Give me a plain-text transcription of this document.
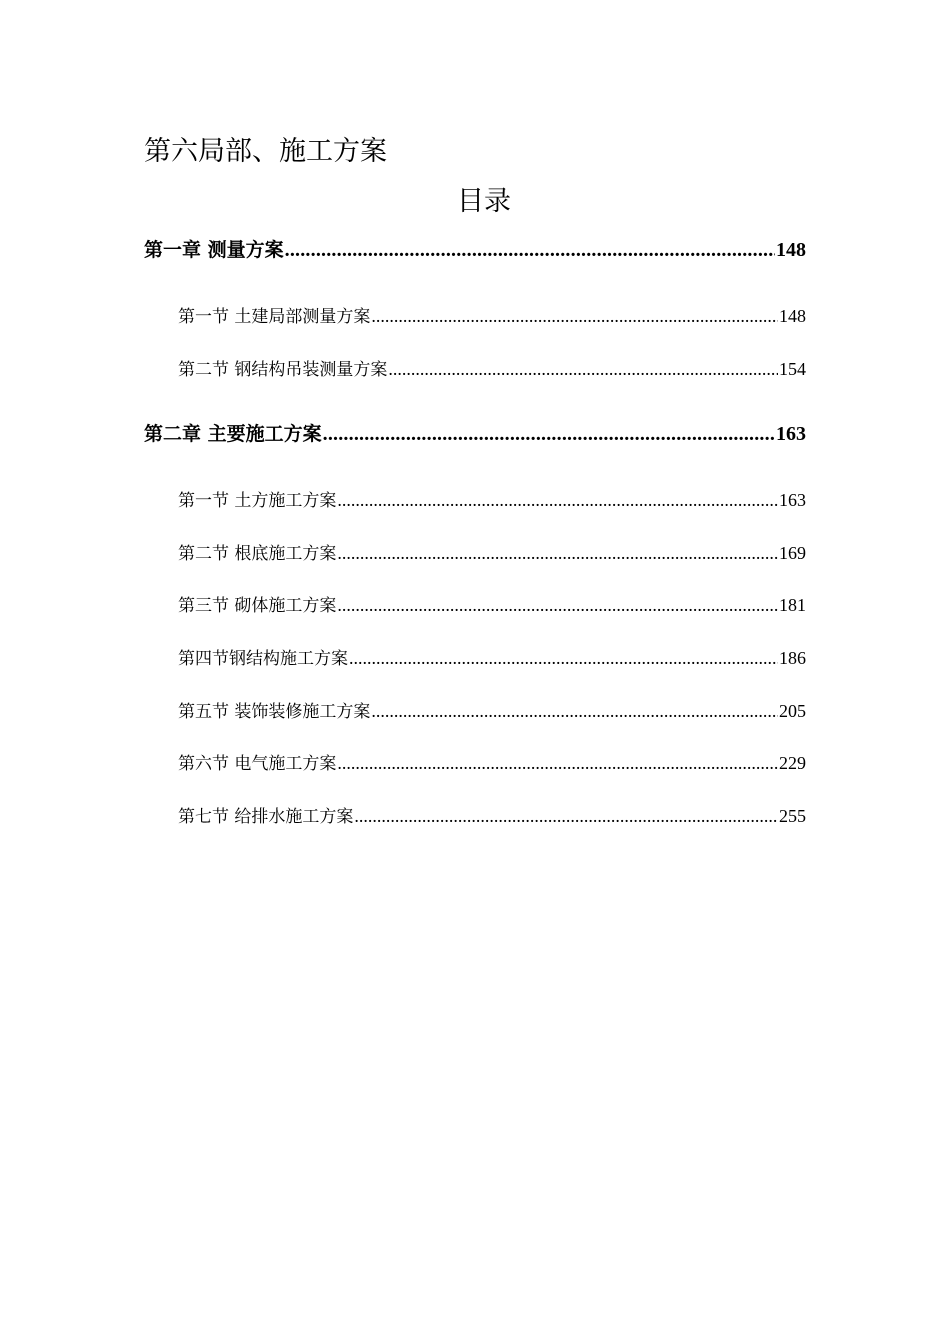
第六局部、施工方案
目录
第一章 测量方案 .....	148
第一节 土建局部测量方案 .....	148
第二节 钢结构吊装测量方案 .....	154
第二章 主要施工方案 .....	163
第一节 土方施工方案 .....	163
第二节 根底施工方案 .....	169
第三节 砌体施工方案 .....	181
第四节钢结构施工方案 .....	186
第五节 装饰装修施工方案 .....	205
第六节 电气施工方案 .....	229
第七节 给排水施工方案 .....	255
